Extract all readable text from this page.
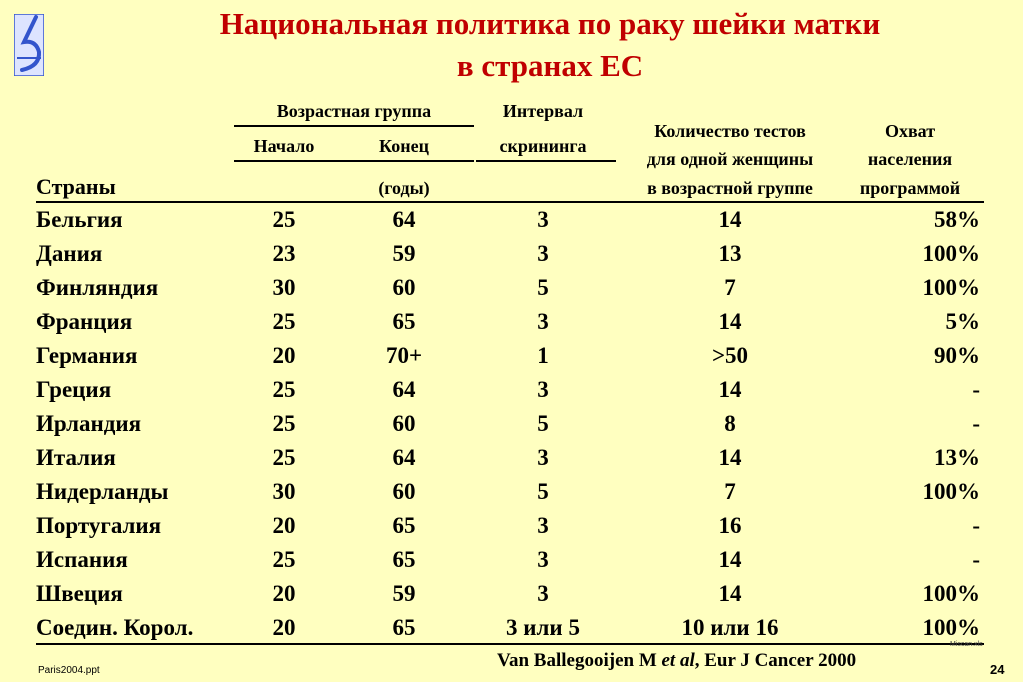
Национальная политика по раку шейки матки
в странах ЕС
Возрастная группа
Начало	Конец
(годы)
Интервал
скрининга
Количество тестов
для одной женщины
в возрастной группе
Охват
населения
программой
Страны
Бельгия	25	64	3	14	58%
Дания	23	59	3	13	100%
Финляндия	30	60	5	7	100%
Франция	25	65	3	14	5%
Германия	20	70+	1	>50	90%
Греция	25	64	3	14	-
Ирландия	25	60	5	8	-
Италия	25	64	3	14	13%
Нидерланды	30	60	5	7	100%
Португалия	20	65	3	16	-
Испания	25	65	3	14	-
Швеция	20	59	3	14	100%
Соедин. Корол.	20	65	3 или 5	10 или 16	100%
Van Ballegooijen M et al, Eur J Cancer 2000
Miscan.xls
Paris2004.ppt	24
